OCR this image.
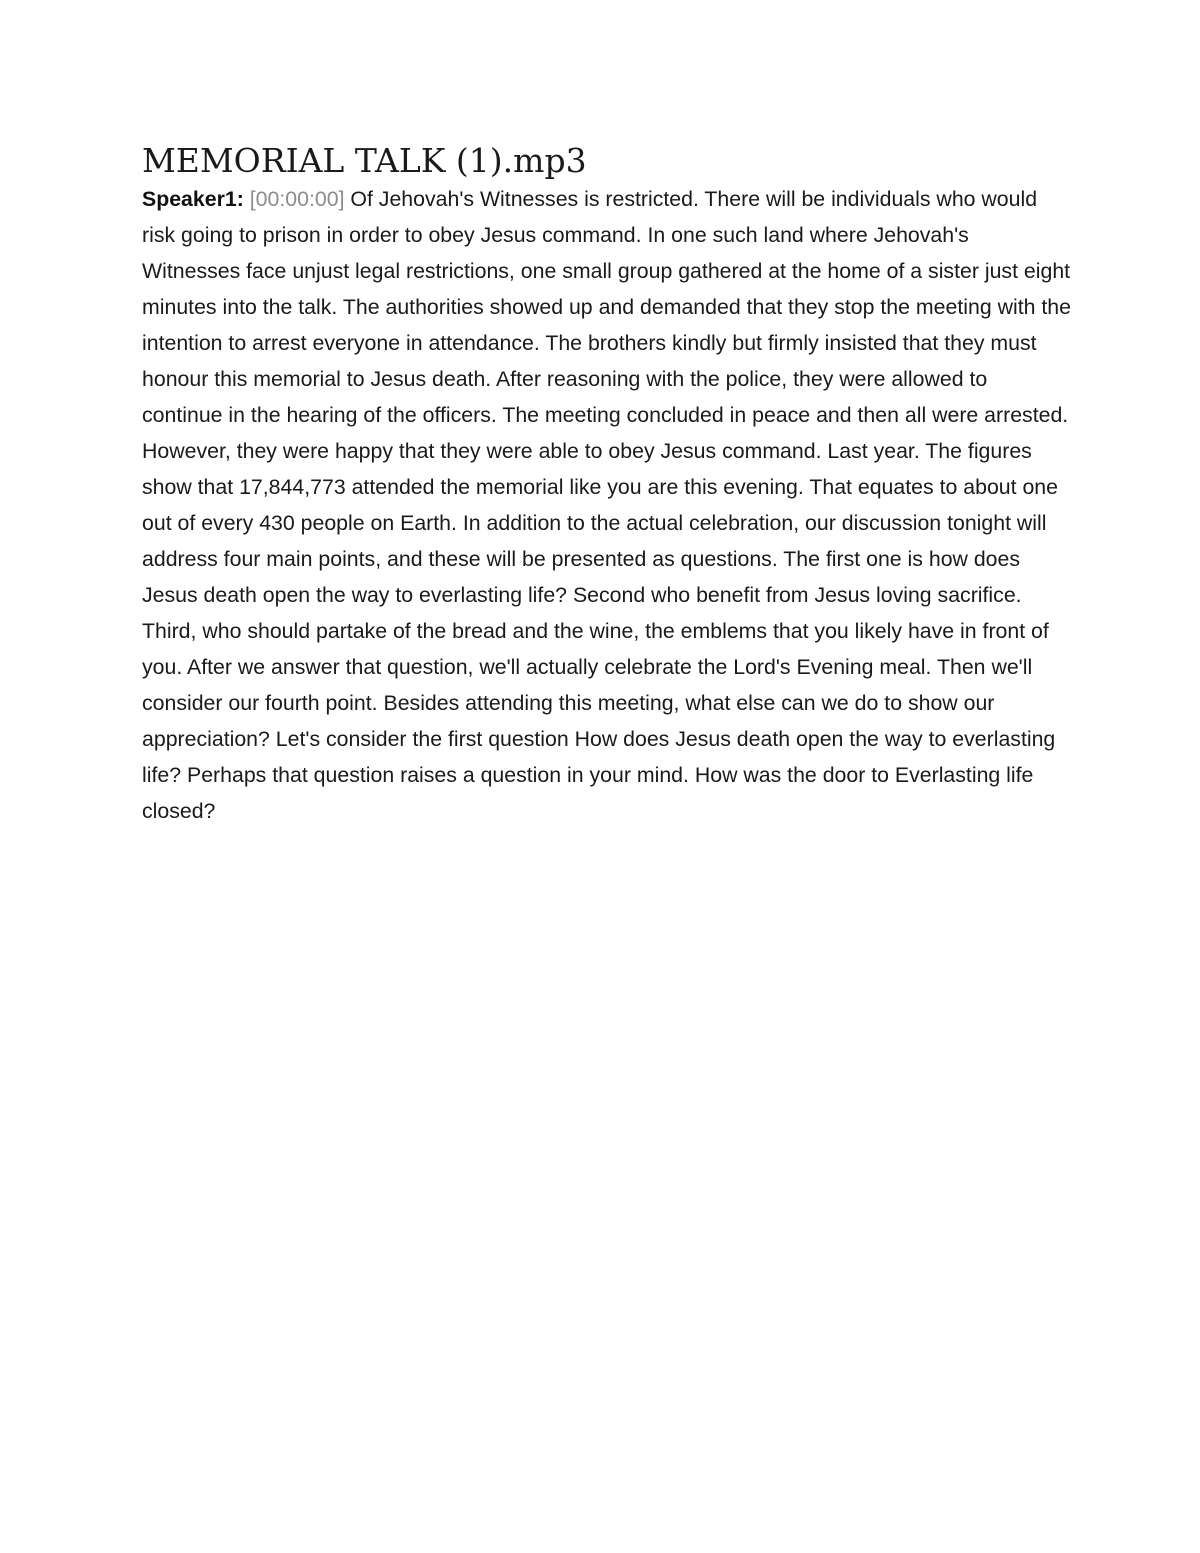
MEMORIAL TALK (1).mp3

Speaker1: [00:00:00] Of Jehovah's Witnesses is restricted. There will be individuals who would risk going to prison in order to obey Jesus command. In one such land where Jehovah's Witnesses face unjust legal restrictions, one small group gathered at the home of a sister just eight minutes into the talk. The authorities showed up and demanded that they stop the meeting with the intention to arrest everyone in attendance. The brothers kindly but firmly insisted that they must honour this memorial to Jesus death. After reasoning with the police, they were allowed to continue in the hearing of the officers. The meeting concluded in peace and then all were arrested. However, they were happy that they were able to obey Jesus command. Last year. The figures show that 17,844,773 attended the memorial like you are this evening. That equates to about one out of every 430 people on Earth. In addition to the actual celebration, our discussion tonight will address four main points, and these will be presented as questions. The first one is how does Jesus death open the way to everlasting life? Second who benefit from Jesus loving sacrifice. Third, who should partake of the bread and the wine, the emblems that you likely have in front of you. After we answer that question, we'll actually celebrate the Lord's Evening meal. Then we'll consider our fourth point. Besides attending this meeting, what else can we do to show our appreciation? Let's consider the first question How does Jesus death open the way to everlasting life? Perhaps that question raises a question in your mind. How was the door to Everlasting life closed?
